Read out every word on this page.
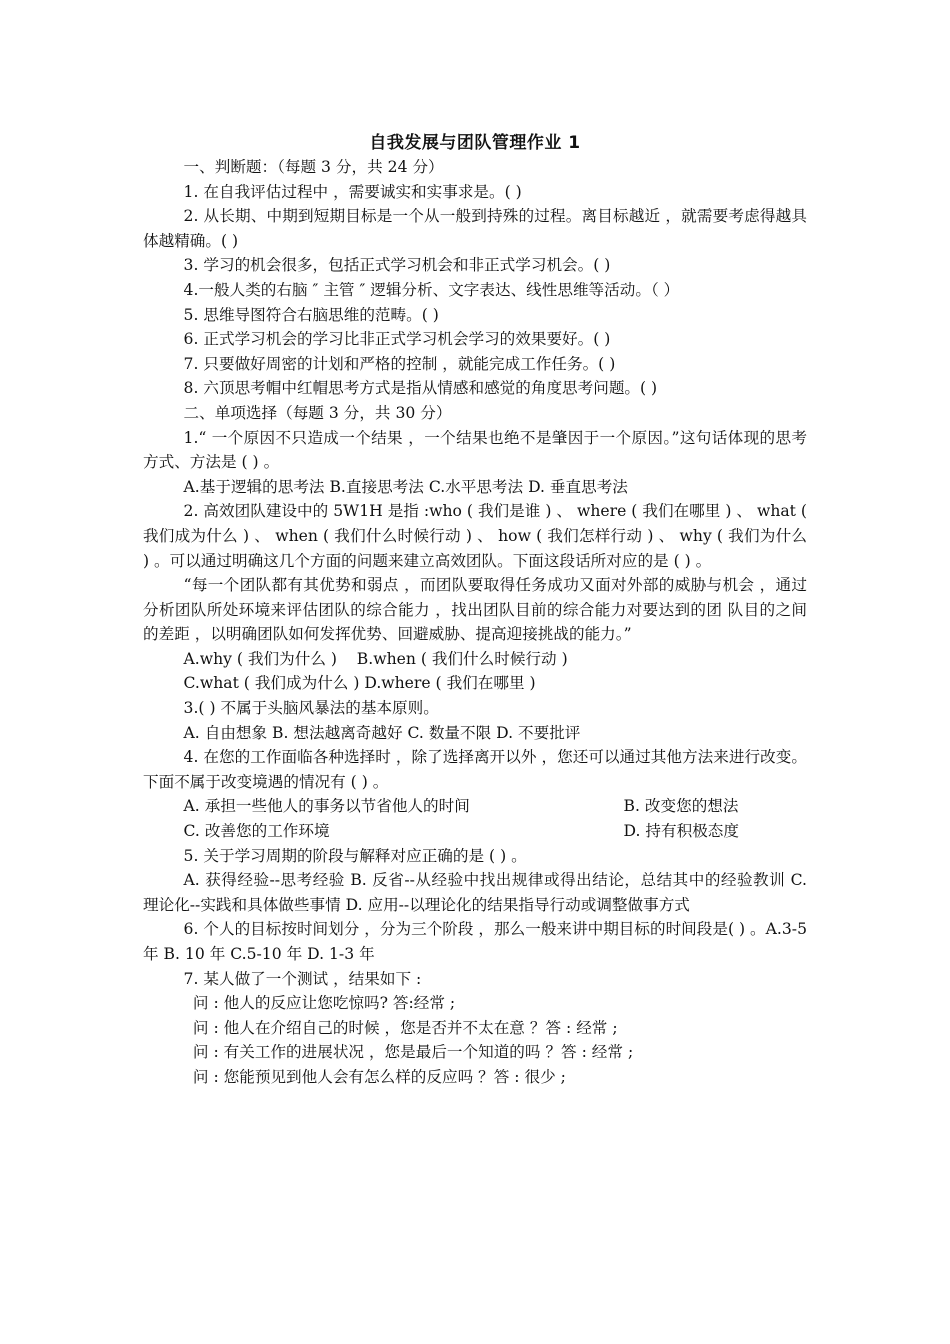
自我发展与团队管理作业 1

一、判断题：（每题 3 分，共 24 分）

1. 在自我评估过程中 ，需要诚实和实事求是。( )

2. 从长期、中期到短期目标是一个从一般到持殊的过程。离目标越近 ，就需要考虑得越具体越精确。( )

3. 学习的机会很多，包括正式学习机会和非正式学习机会。( )

4.一般人类的右脑 ″ 主管 ″ 逻辑分析、文字表达、线性思维等活动。（ ）

5. 思维导图符合右脑思维的范畴。( )

6. 正式学习机会的学习比非正式学习机会学习的效果要好。( )

7. 只要做好周密的计划和严格的控制 ，就能完成工作任务。( )

8. 六顶思考帽中红帽思考方式是指从情感和感觉的角度思考问题。( )

二、单项选择（每题 3 分，共 30 分）

1.“ 一个原因不只造成一个结果 ，一个结果也绝不是肇因于一个原因。”这句话体现的思考方式、方法是 ( ) 。

A.基于逻辑的思考法 B.直接思考法 C.水平思考法 D. 垂直思考法

2. 高效团队建设中的 5W1H 是指 :who ( 我们是谁 ) 、 where ( 我们在哪里 ) 、 what ( 我们成为什么 ) 、 when ( 我们什么时候行动 ) 、 how ( 我们怎样行动 ) 、 why ( 我们为什么 ) 。可以通过明确这几个方面的问题来建立高效团队。下面这段话所对应的是 ( ) 。

“每一个团队都有其优势和弱点 ，而团队要取得任务成功又面对外部的威胁与机会 ，通过分析团队所处环境来评估团队的综合能力 ，找出团队目前的综合能力对要达到的团 队目的之间的差距 ，以明确团队如何发挥优势、回避威胁、提高迎接挑战的能力。”

A.why ( 我们为什么 )    B.when ( 我们什么时候行动 )

C.what ( 我们成为什么 ) D.where ( 我们在哪里 )

3.( ) 不属于头脑风暴法的基本原则。

A. 自由想象 B. 想法越离奇越好 C. 数量不限 D. 不要批评

4. 在您的工作面临各种选择时 ，除了选择离开以外 ，您还可以通过其他方法来进行改变。下面不属于改变境遇的情况有 ( ) 。

A. 承担一些他人的事务以节省他人的时间	B. 改变您的想法
C. 改善您的工作环境	D. 持有积极态度

5. 关于学习周期的阶段与解释对应正确的是 ( ) 。

A. 获得经验--思考经验 B. 反省--从经验中找出规律或得出结论，总结其中的经验教训 C. 理论化--实践和具体做些事情 D. 应用--以理论化的结果指导行动或调整做事方式

6. 个人的目标按时间划分 ，分为三个阶段 ，那么一般来讲中期目标的时间段是( ) 。A.3-5 年 B. 10 年 C.5-10 年 D. 1-3 年

7. 某人做了一个测试 ，结果如下 :

问 : 他人的反应让您吃惊吗? 答:经常 ;

问 : 他人在介绍自己的时候 ，您是否并不太在意 ？答 : 经常 ;

问 : 有关工作的进展状况 ，您是最后一个知道的吗 ？答 : 经常 ;

问 : 您能预见到他人会有怎么样的反应吗 ？答 : 很少 ;
